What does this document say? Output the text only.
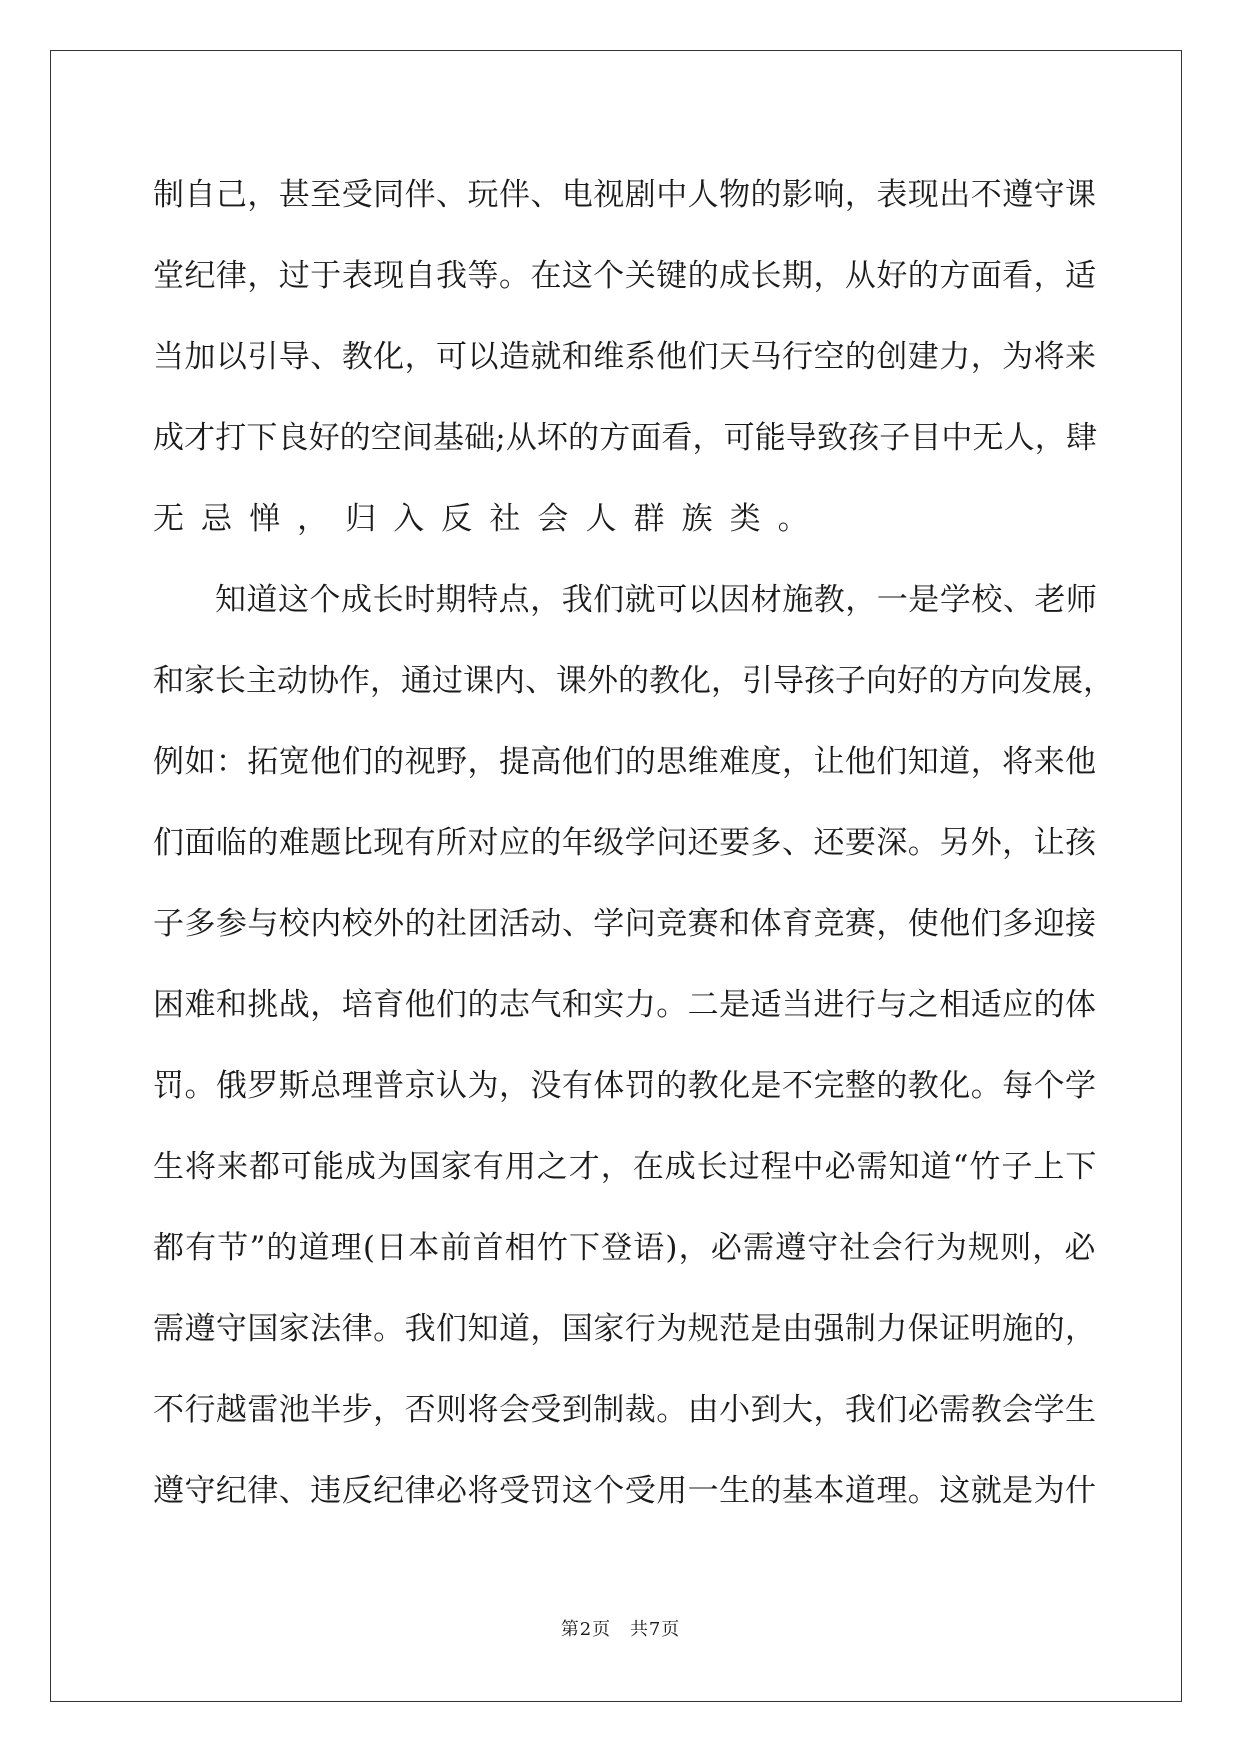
制自己，甚至受同伴、玩伴、电视剧中人物的影响，表现出不遵守课

堂纪律，过于表现自我等。在这个关键的成长期，从好的方面看，适

当加以引导、教化，可以造就和维系他们天马行空的创建力，为将来

成才打下良好的空间基础;从坏的方面看，可能导致孩子目中无人，肆

无忌惮，归入反社会人群族类。

知道这个成长时期特点，我们就可以因材施教，一是学校、老师

和家长主动协作，通过课内、课外的教化，引导孩子向好的方向发展，

例如：拓宽他们的视野，提高他们的思维难度，让他们知道，将来他

们面临的难题比现有所对应的年级学问还要多、还要深。另外，让孩

子多参与校内校外的社团活动、学问竞赛和体育竞赛，使他们多迎接

困难和挑战，培育他们的志气和实力。二是适当进行与之相适应的体

罚。俄罗斯总理普京认为，没有体罚的教化是不完整的教化。每个学

生将来都可能成为国家有用之才，在成长过程中必需知道“竹子上下

都有节”的道理(日本前首相竹下登语)，必需遵守社会行为规则，必

需遵守国家法律。我们知道，国家行为规范是由强制力保证明施的，

不行越雷池半步，否则将会受到制裁。由小到大，我们必需教会学生

遵守纪律、违反纪律必将受罚这个受用一生的基本道理。这就是为什

第2页　共7页
